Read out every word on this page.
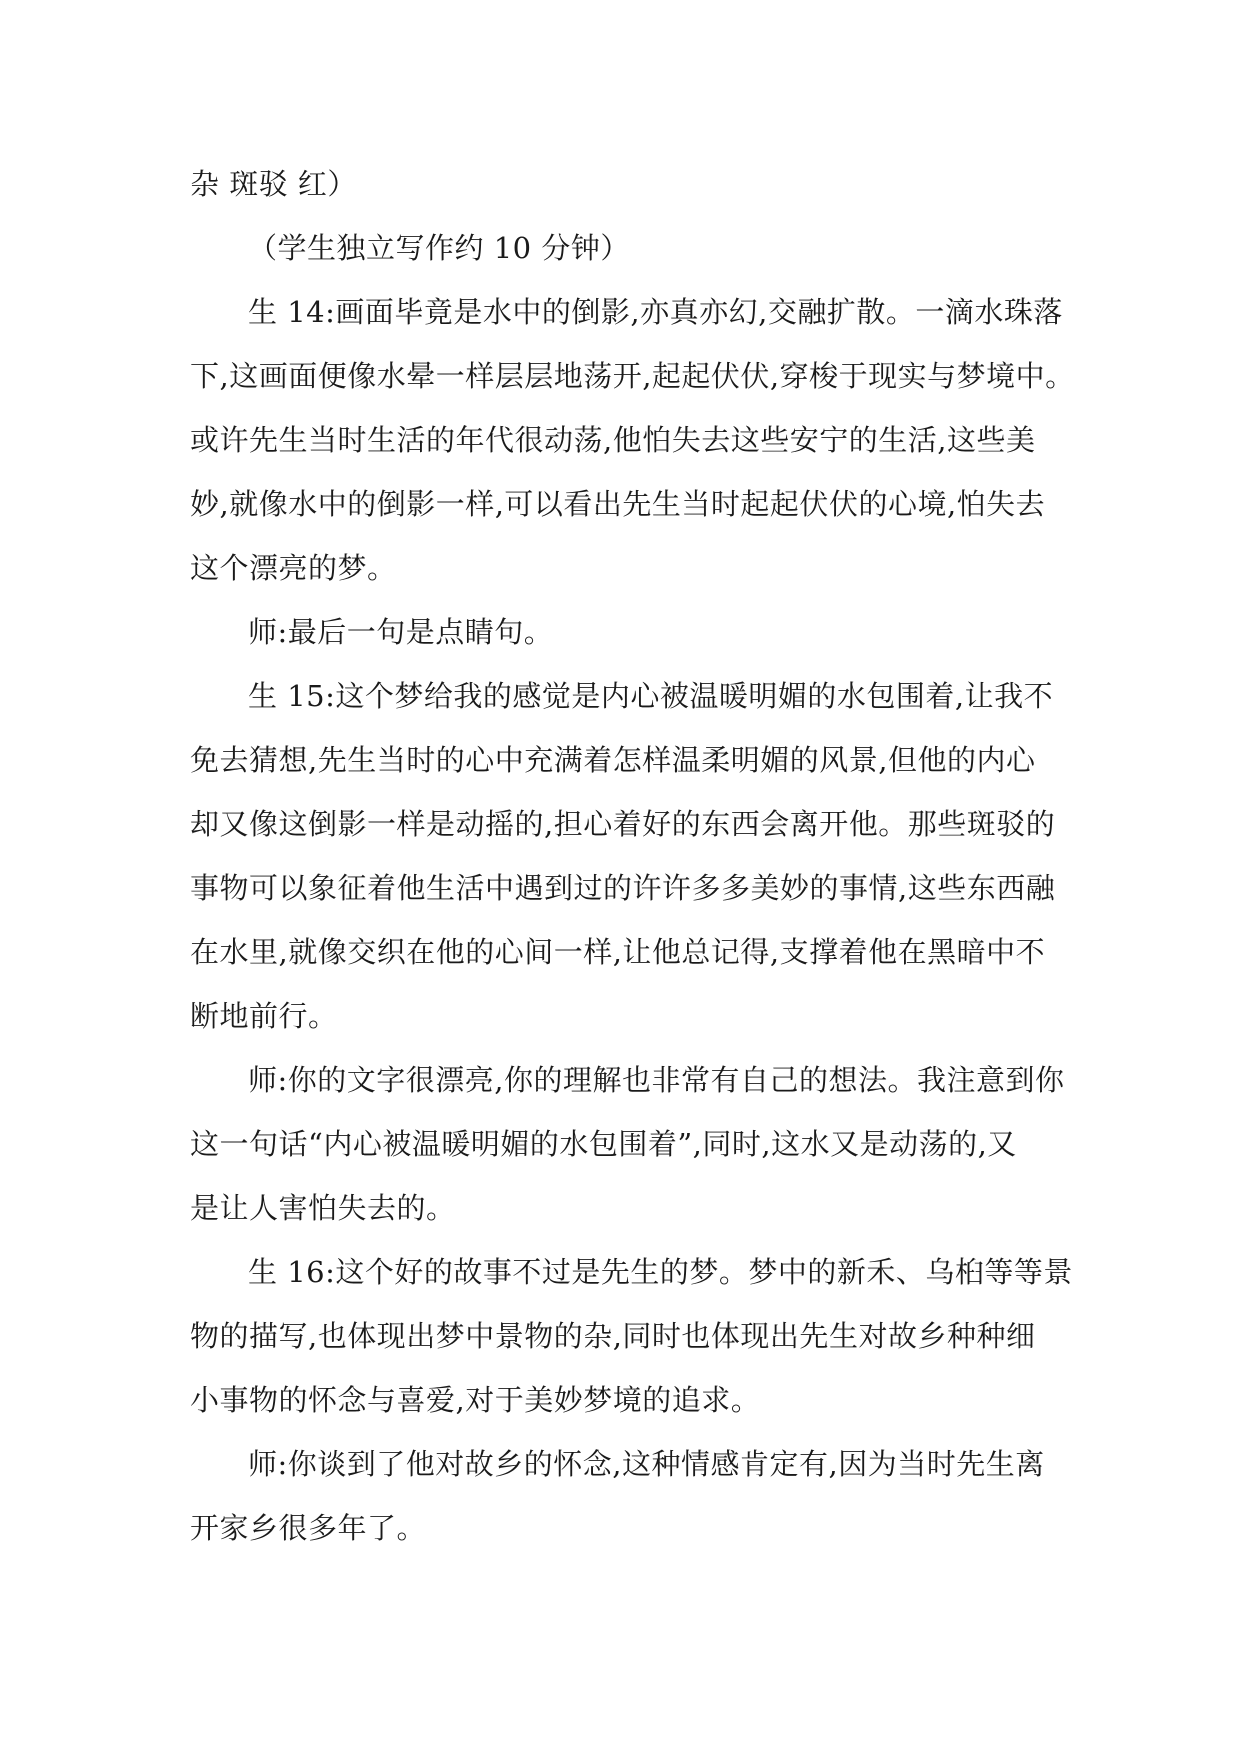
杂 斑驳 红）
（学生独立写作约 10 分钟）
生 14:画面毕竟是水中的倒影,亦真亦幻,交融扩散。一滴水珠落
下,这画面便像水晕一样层层地荡开,起起伏伏,穿梭于现实与梦境中。
或许先生当时生活的年代很动荡,他怕失去这些安宁的生活,这些美
妙,就像水中的倒影一样,可以看出先生当时起起伏伏的心境,怕失去
这个漂亮的梦。
师:最后一句是点睛句。
生 15:这个梦给我的感觉是内心被温暖明媚的水包围着,让我不
免去猜想,先生当时的心中充满着怎样温柔明媚的风景,但他的内心
却又像这倒影一样是动摇的,担心着好的东西会离开他。那些斑驳的
事物可以象征着他生活中遇到过的许许多多美妙的事情,这些东西融
在水里,就像交织在他的心间一样,让他总记得,支撑着他在黑暗中不
断地前行。
师:你的文字很漂亮,你的理解也非常有自己的想法。我注意到你
这一句话“内心被温暖明媚的水包围着”,同时,这水又是动荡的,又
是让人害怕失去的。
生 16:这个好的故事不过是先生的梦。梦中的新禾、乌桕等等景
物的描写,也体现出梦中景物的杂,同时也体现出先生对故乡种种细
小事物的怀念与喜爱,对于美妙梦境的追求。
师:你谈到了他对故乡的怀念,这种情感肯定有,因为当时先生离
开家乡很多年了。
